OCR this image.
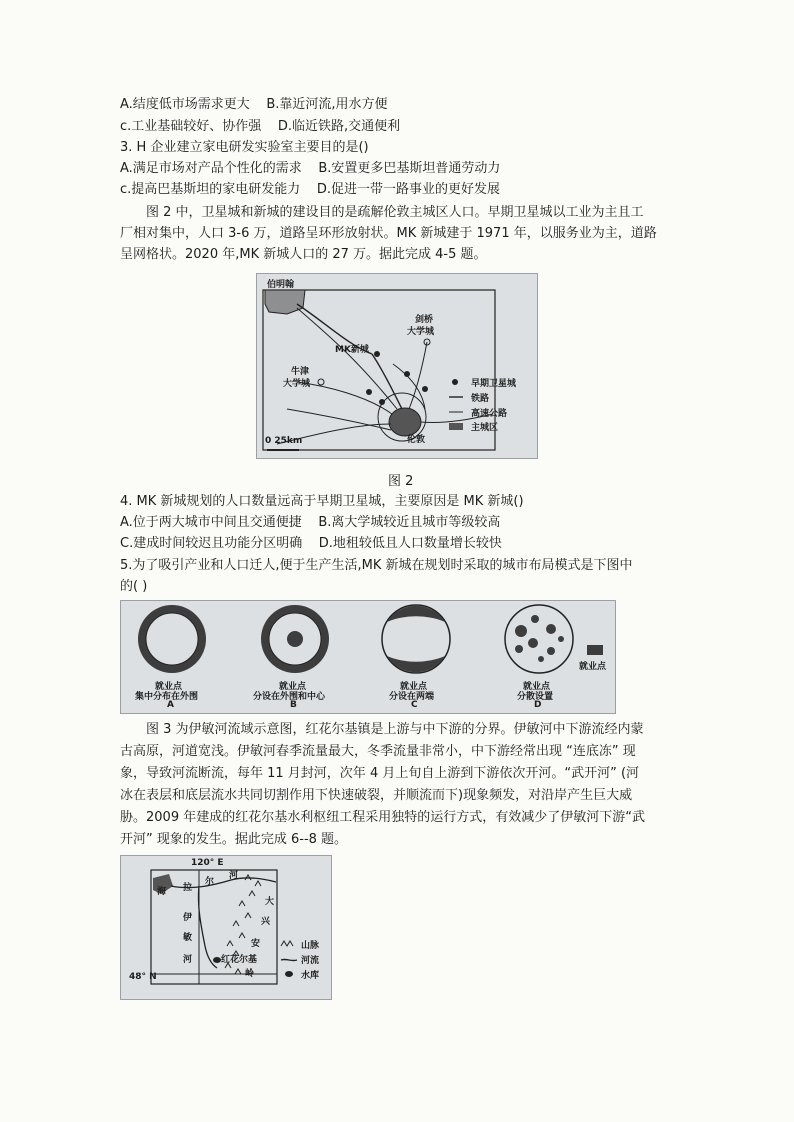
A.结度低市场需求更大 B.靠近河流,用水方便
c.工业基础较好、协作强 D.临近铁路,交通便利
3. H 企业建立家电研发实验室主要目的是()
A.满足市场对产品个性化的需求 B.安置更多巴基斯坦普通劳动力
c.提高巴基斯坦的家电研发能力 D.促进一带一路事业的更好发展
图 2 中，卫星城和新城的建设目的是疏解伦敦主城区人口。早期卫星城以工业为主且工
厂相对集中，人口 3-6 万，道路呈环形放射状。MK 新城建于 1971 年，以服务业为主，道路
呈网格状。2020 年,MK 新城人口的 27 万。据此完成 4-5 题。
伯明翰
剑桥
大学城
MK新城
牛津
大学城
伦敦
0 25km
早期卫星城
铁路
高速公路
主城区
图 2
4. MK 新城规划的人口数量远高于早期卫星城，主要原因是 MK 新城()
A.位于两大城市中间且交通便捷 B.离大学城较近且城市等级较高
C.建成时间较迟且功能分区明确 D.地租较低且人口数量增长较快
5.为了吸引产业和人口迁人,便于生产生活,MK 新城在规划时采取的城市布局模式是下图中
的( )
就业点
集中分布在外围
A
就业点
分设在外围和中心
B
就业点
分设在两端
C
就业点
分散设置
D
就业点
图 3 为伊敏河流域示意图，红花尔基镇是上游与中下游的分界。伊敏河中下游流经内蒙
古高原，河道宽浅。伊敏河春季流量最大，冬季流量非常小，中下游经常出现 “连底冻” 现
象，导致河流断流，每年 11 月封河，次年 4 月上旬自上游到下游依次开河。“武开河” (河
冰在表层和底层流水共同切割作用下快速破裂，并顺流而下)现象频发，对沿岸产生巨大威
胁。2009 年建成的红花尔基水利枢纽工程采用独特的运行方式，有效减少了伊敏河下游“武
开河” 现象的发生。据此完成 6--8 题。
120° E
48° N
海 拉
尔
河
伊
敏
河	红花尔基
大
兴
安
岭
山脉
河流
水库
